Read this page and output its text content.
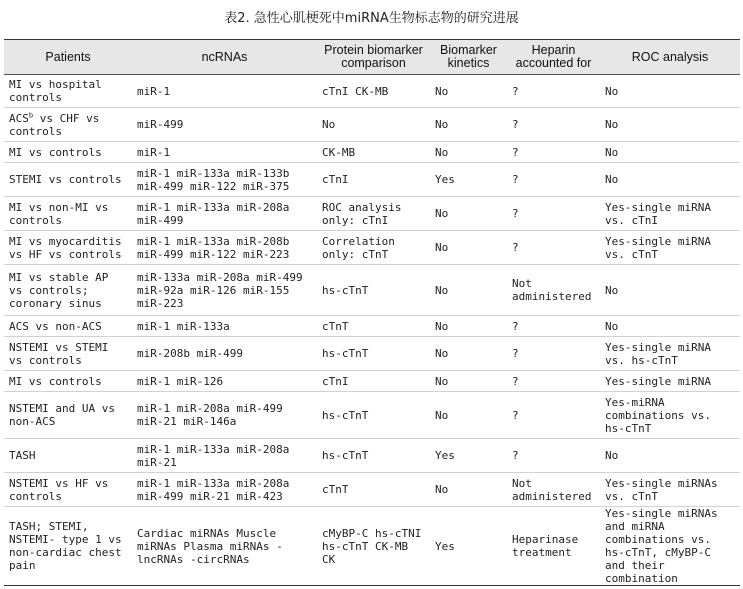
表2. 急性心肌梗死中miRNA生物标志物的研究进展
Patients	ncRNAs	Protein biomarker comparison	Biomarker kinetics	Heparin accounted for	ROC analysis
MI vs hospital controls	miR-1	cTnI CK-MB	No	?	No
ACS$^b$ vs CHF vs controls	miR-499	No	No	?	No
MI vs controls	miR-1	CK-MB	No	?	No
STEMI vs controls	miR-1 miR-133a miR-133b miR-499 miR-122 miR-375	cTnI	Yes	?	No
MI vs non-MI vs controls	miR-1 miR-133a miR-208a miR-499	ROC analysis only: cTnI	No	?	Yes-single miRNA vs. cTnI
MI vs myocarditis vs HF vs controls	miR-1 miR-133a miR-208b miR-499 miR-122 miR-223	Correlation only: cTnT	No	?	Yes-single miRNA vs. cTnT
MI vs stable AP vs controls; coronary sinus	miR-133a miR-208a miR-499 miR-92a miR-126 miR-155 miR-223	hs-cTnT	No	Not administered	No
ACS vs non-ACS	miR-1 miR-133a	cTnT	No	?	No
NSTEMI vs STEMI vs controls	miR-208b miR-499	hs-cTnT	No	?	Yes-single miRNA vs. hs-cTnT
MI vs controls	miR-1 miR-126	cTnI	No	?	Yes-single miRNA
NSTEMI and UA vs non-ACS	miR-1 miR-208a miR-499 miR-21 miR-146a	hs-cTnT	No	?	Yes-miRNA combinations vs. hs-cTnT
TASH	miR-1 miR-133a miR-208a miR-21	hs-cTnT	Yes	?	No
NSTEMI vs HF vs controls	miR-1 miR-133a miR-208a miR-499 miR-21 miR-423	cTnT	No	Not administered	Yes-single miRNAs vs. cTnT
TASH; STEMI, NSTEMI- type 1 vs non-cardiac chest pain	Cardiac miRNAs Muscle miRNAs Plasma miRNAs -lncRNAs -circRNAs	cMyBP-C hs-cTNI hs-cTnT CK-MB CK	Yes	Heparinase treatment	Yes-single miRNAs and miRNA combinations vs. hs-cTnT, cMyBP-C and their combination
